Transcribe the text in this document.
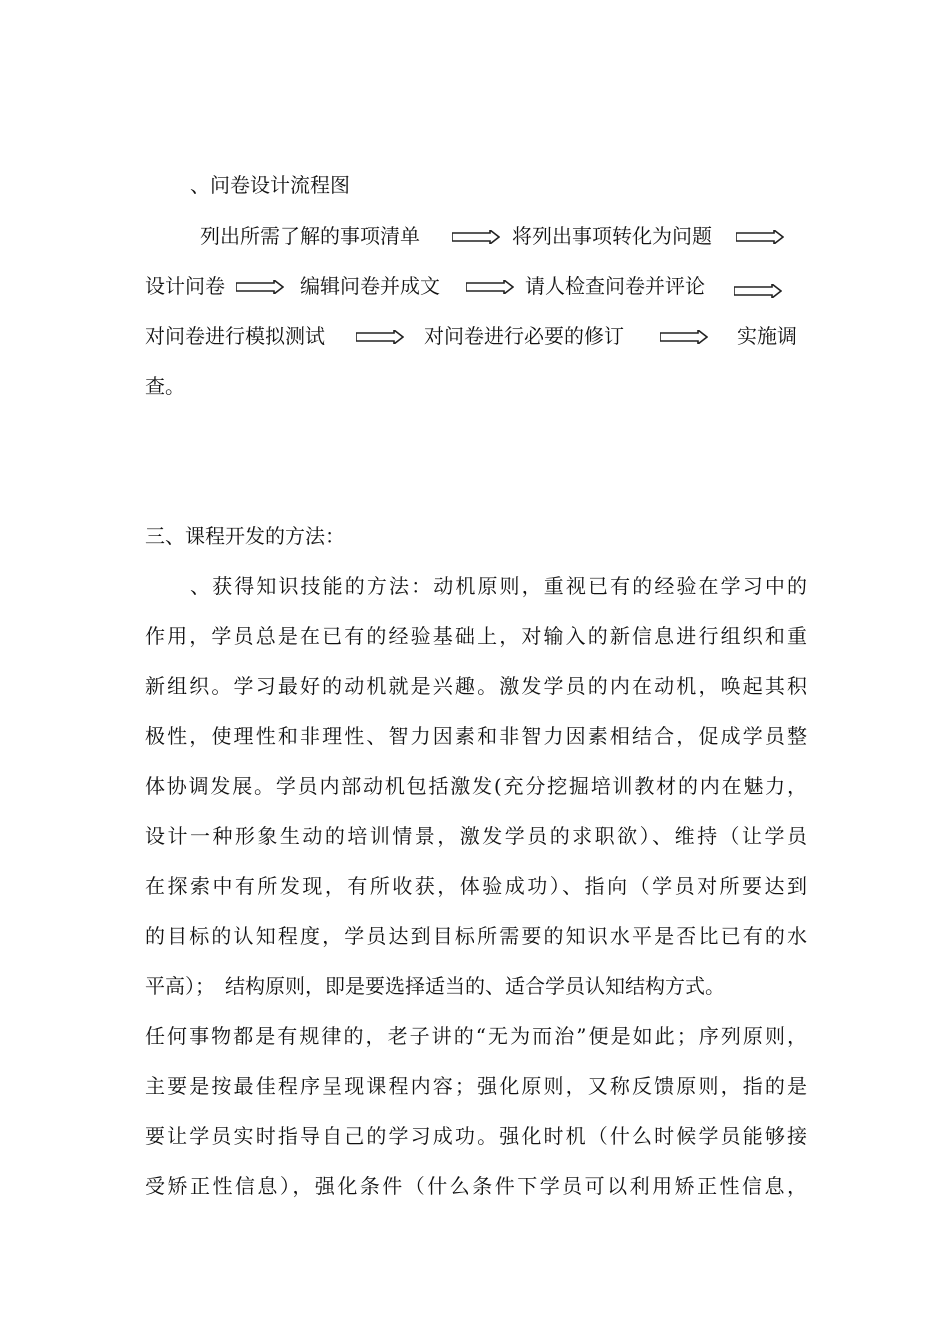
、问卷设计流程图
列出所需了解的事项清单	将列出事项转化为问题
设计问卷	编辑问卷并成文	请人检查问卷并评论
对问卷进行模拟测试	对问卷进行必要的修订	实施调
查。
三、课程开发的方法：
、获得知识技能的方法：动机原则，重视已有的经验在学习中的
作用，学员总是在已有的经验基础上，对输入的新信息进行组织和重
新组织。学习最好的动机就是兴趣。激发学员的内在动机，唤起其积
极性，使理性和非理性、智力因素和非智力因素相结合，促成学员整
体协调发展。学员内部动机包括激发(充分挖掘培训教材的内在魅力，
设计一种形象生动的培训情景，激发学员的求职欲）、维持（让学员
在探索中有所发现，有所收获，体验成功）、指向（学员对所要达到
的目标的认知程度，学员达到目标所需要的知识水平是否比已有的水
平高）；　结构原则，即是要选择适当的、适合学员认知结构方式。
任何事物都是有规律的，老子讲的“无为而治”便是如此；序列原则，
主要是按最佳程序呈现课程内容；强化原则，又称反馈原则，指的是
要让学员实时指导自己的学习成功。强化时机（什么时候学员能够接
受矫正性信息），强化条件（什么条件下学员可以利用矫正性信息，
